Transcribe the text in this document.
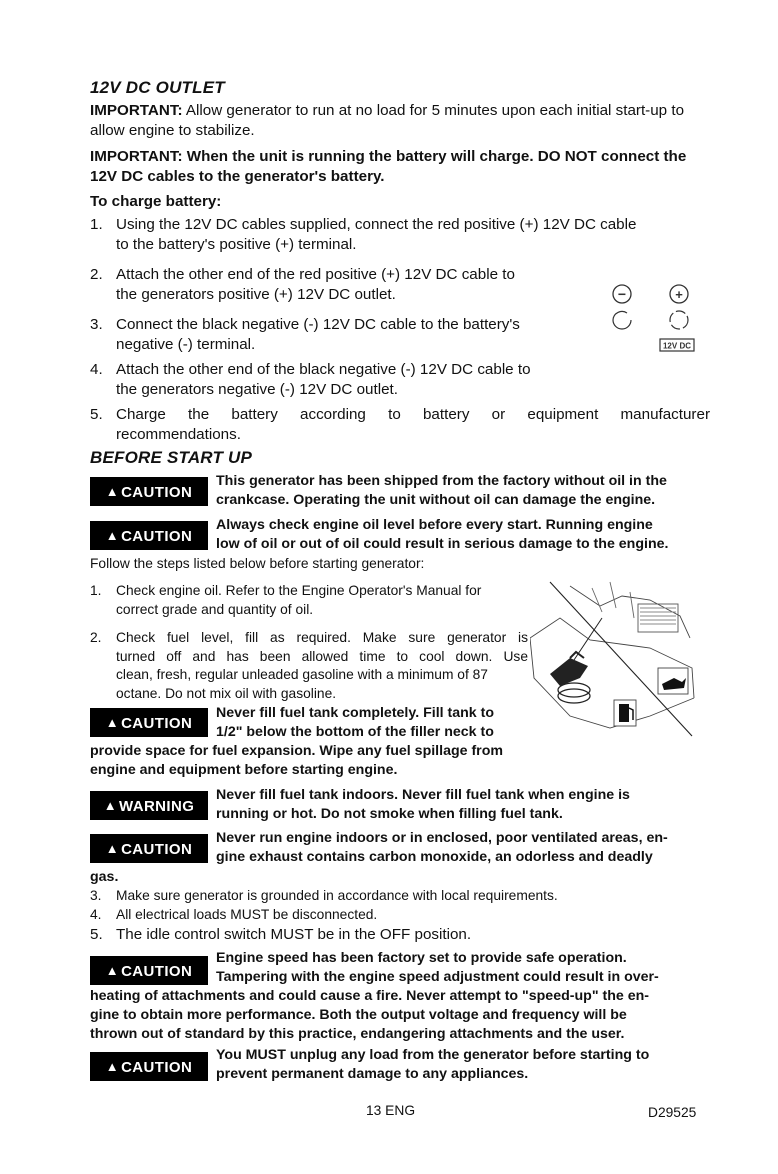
12V DC OUTLET
IMPORTANT: Allow generator to run at no load for 5 minutes upon each initial start-up to allow engine to stabilize.
IMPORTANT: When the unit is running the battery will charge. DO NOT connect the 12V DC cables to the generator's battery.
To charge battery:
1. Using the 12V DC cables supplied, connect the red positive (+) 12V DC cable
to the battery's positive (+) terminal.
2. Attach the other end of the red positive (+) 12V DC cable to
the generators positive (+) 12V DC outlet.
3. Connect the black negative (-) 12V DC cable to the battery's
negative (-) terminal.
4. Attach the other end of the black negative (-) 12V DC cable to
the generators negative (-) 12V DC outlet.
5. Charge the battery according to battery or equipment manufacturer
recommendations.
−	+
12V DC
BEFORE START UP
▲ CAUTION
This generator has been shipped from the factory without oil in the
crankcase. Operating the unit without oil can damage the engine.
▲ CAUTION
Always check engine oil level before every start. Running engine
low of oil or out of oil could result in serious damage to the engine.
Follow the steps listed below before starting generator:
1. Check engine oil. Refer to the Engine Operator's Manual for
correct grade and quantity of oil.
2. Check fuel level, fill as required. Make sure generator is
turned off and has been allowed time to cool down. Use
clean, fresh, regular unleaded gasoline with a minimum of 87
octane. Do not mix oil with gasoline.
▲ CAUTION
Never fill fuel tank completely. Fill tank to
1/2" below the bottom of the filler neck to
provide space for fuel expansion. Wipe any fuel spillage from
engine and equipment before starting engine.
▲ WARNING
Never fill fuel tank indoors. Never fill fuel tank when engine is
running or hot. Do not smoke when filling fuel tank.
▲ CAUTION
Never run engine indoors or in enclosed, poor ventilated areas, en-
gine exhaust contains carbon monoxide, an odorless and deadly
gas.
3. Make sure generator is grounded in accordance with local requirements.
4. All electrical loads MUST be disconnected.
5. The idle control switch MUST be in the OFF position.
▲ CAUTION
Engine speed has been factory set to provide safe operation.
Tampering with the engine speed adjustment could result in over-
heating of attachments and could cause a fire. Never attempt to "speed-up" the en-
gine to obtain more performance. Both the output voltage and frequency will be
thrown out of standard by this practice, endangering attachments and the user.
▲ CAUTION
You MUST unplug any load from the generator before starting to
prevent permanent damage to any appliances.
13 ENG	D29525
